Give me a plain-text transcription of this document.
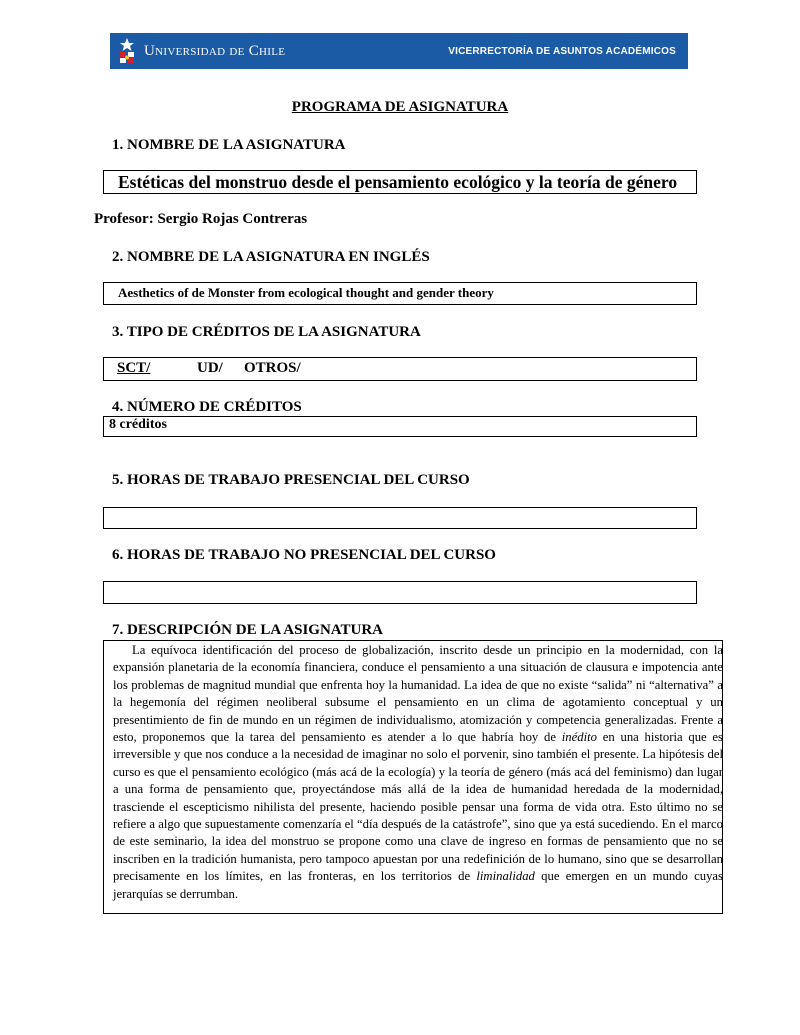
Universidad de Chile	VICERRECTORÍA DE ASUNTOS ACADÉMICOS
PROGRAMA DE ASIGNATURA
1. NOMBRE DE LA ASIGNATURA
Estéticas del monstruo desde el pensamiento ecológico y la teoría de género
Profesor: Sergio Rojas Contreras
2. NOMBRE DE LA ASIGNATURA EN INGLÉS
Aesthetics of de Monster from ecological thought and gender theory
3. TIPO DE CRÉDITOS DE LA ASIGNATURA
SCT/	UD/ OTROS/
4. NÚMERO DE CRÉDITOS
8 créditos
5. HORAS DE TRABAJO PRESENCIAL DEL CURSO
6. HORAS DE TRABAJO NO PRESENCIAL DEL CURSO
7. DESCRIPCIÓN DE LA ASIGNATURA
La equívoca identificación del proceso de globalización, inscrito desde un principio en la modernidad, con la expansión planetaria de la economía financiera, conduce el pensamiento a una situación de clausura e impotencia ante los problemas de magnitud mundial que enfrenta hoy la humanidad. La idea de que no existe “salida” ni “alternativa” a la hegemonía del régimen neoliberal subsume el pensamiento en un clima de agotamiento conceptual y un presentimiento de fin de mundo en un régimen de individualismo, atomización y competencia generalizadas. Frente a esto, proponemos que la tarea del pensamiento es atender a lo que habría hoy de inédito en una historia que es irreversible y que nos conduce a la necesidad de imaginar no solo el porvenir, sino también el presente. La hipótesis del curso es que el pensamiento ecológico (más acá de la ecología) y la teoría de género (más acá del feminismo) dan lugar a una forma de pensamiento que, proyectándose más allá de la idea de humanidad heredada de la modernidad, trasciende el escepticismo nihilista del presente, haciendo posible pensar una forma de vida otra. Esto último no se refiere a algo que supuestamente comenzaría el “día después de la catástrofe”, sino que ya está sucediendo. En el marco de este seminario, la idea del monstruo se propone como una clave de ingreso en formas de pensamiento que no se inscriben en la tradición humanista, pero tampoco apuestan por una redefinición de lo humano, sino que se desarrollan precisamente en los límites, en las fronteras, en los territorios de liminalidad que emergen en un mundo cuyas jerarquías se derrumban.
